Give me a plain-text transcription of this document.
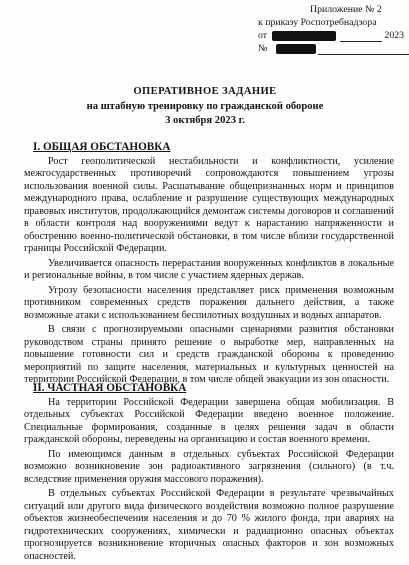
Приложение № 2
к приказу Роспотребнадзора
от	2023
№
ОПЕРАТИВНОЕ ЗАДАНИЕ
на штабную тренировку по гражданской обороне
3 октября 2023 г.
I. ОБЩАЯ ОБСТАНОВКА

Рост геополитической нестабильности и конфликтности, усиление межгосударственных противоречий сопровождаются повышением угрозы использования военной силы. Расшатывание общепризнанных норм и принципов международного права, ослабление и разрушение существующих международных правовых институтов, продолжающийся демонтаж системы договоров и соглашений в области контроля над вооружениями ведут к нарастанию напряженности и обострению военно-политической обстановки, в том числе вблизи государственной границы Российской Федерации.

Увеличивается опасность перерастания вооруженных конфликтов в локальные и региональные войны, в том числе с участием ядерных держав.

Угрозу безопасности населения представляет риск применения возможным противником современных средств поражения дальнего действия, а также возможные атаки с использованием беспилотных воздушных и водных аппаратов.

В связи с прогнозируемыми опасными сценариями развития обстановки руководством страны принято решение о выработке мер, направленных на повышение готовности сил и средств гражданской обороны к проведению мероприятий по защите населения, материальных и культурных ценностей на территории Российской Федерации, в том числе общей эвакуации из зон опасности.

II. ЧАСТНАЯ ОБСТАНОВКА

На территории Российской Федерации завершена общая мобилизация. В отдельных субъектах Российской Федерации введено военное положение. Специальные формирования, созданные в целях решения задач в области гражданской обороны, переведены на организацию и состав военного времени.

По имеющимся данным в отдельных субъектах Российской Федерации возможно возникновение зон радиоактивного загрязнения (сильного) (в т.ч. вследствие применения оружия массового поражения).

В отдельных субъектах Российской Федерации в результате чрезвычайных ситуаций или другого вида физического воздействия возможно полное разрушение объектов жизнеобеспечения населения и до 70 % жилого фонда, при авариях на гидротехнических сооружениях, химически и радиационно опасных объектах прогнозируется возникновение вторичных опасных факторов и зон возможных опасностей.
